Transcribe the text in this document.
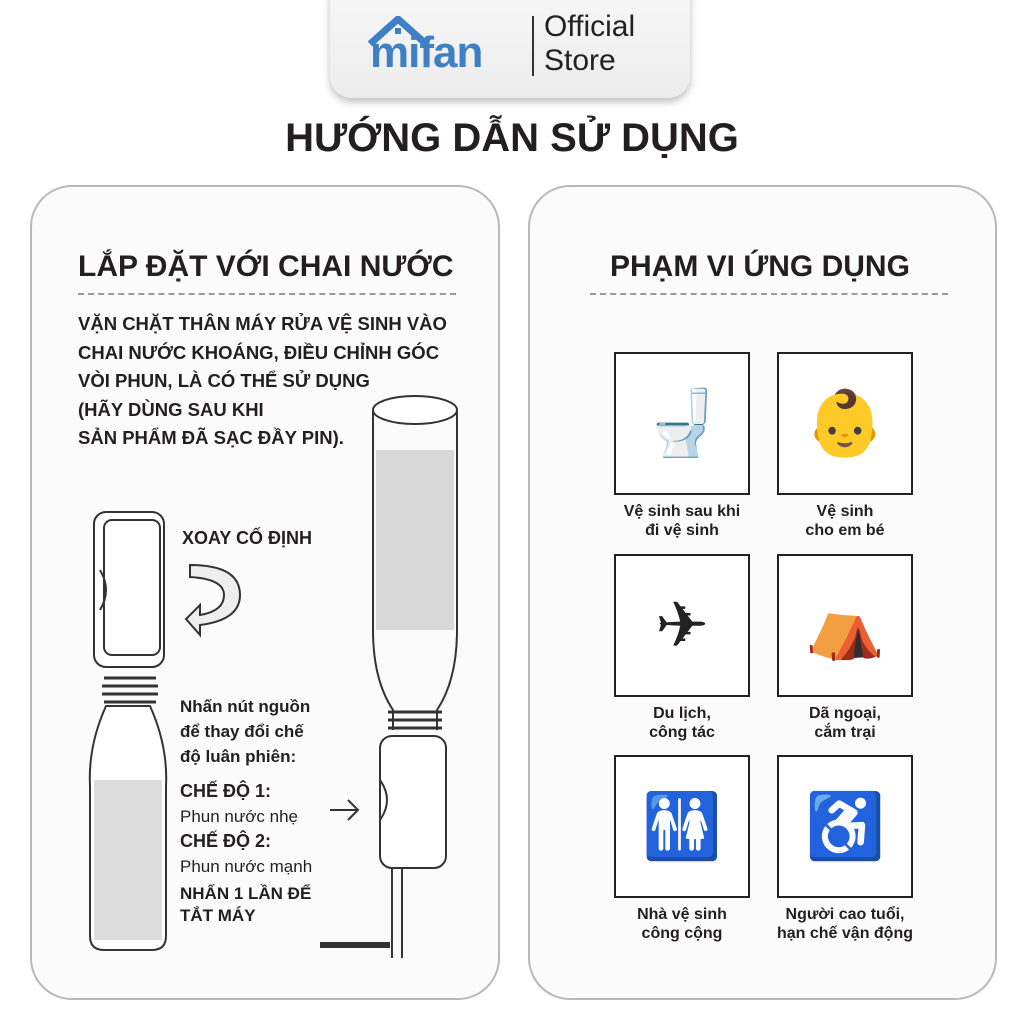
mifan
Official
Store
HƯỚNG DẪN SỬ DỤNG
LẮP ĐẶT VỚI CHAI NƯỚC
VẶN CHẶT THÂN MÁY RỬA VỆ SINH VÀO
CHAI NƯỚC KHOÁNG, ĐIỀU CHỈNH GÓC
VÒI PHUN, LÀ CÓ THỂ SỬ DỤNG
(HÃY DÙNG SAU KHI
SẢN PHẨM ĐÃ SẠC ĐẦY PIN).
XOAY CỐ ĐỊNH
Nhấn nút nguồn
để thay đổi chế
độ luân phiên:
CHẾ ĐỘ 1:
Phun nước nhẹ
CHẾ ĐỘ 2:
Phun nước mạnh
NHẤN 1 LẦN ĐỂ
TẮT MÁY
PHẠM VI ỨNG DỤNG
🚽
Vệ sinh sau khi
đi vệ sinh
👶
Vệ sinh
cho em bé
✈
Du lịch,
công tác
⛺
Dã ngoại,
cắm trại
🚻
Nhà vệ sinh
công cộng
♿
Người cao tuổi,
hạn chế vận động
